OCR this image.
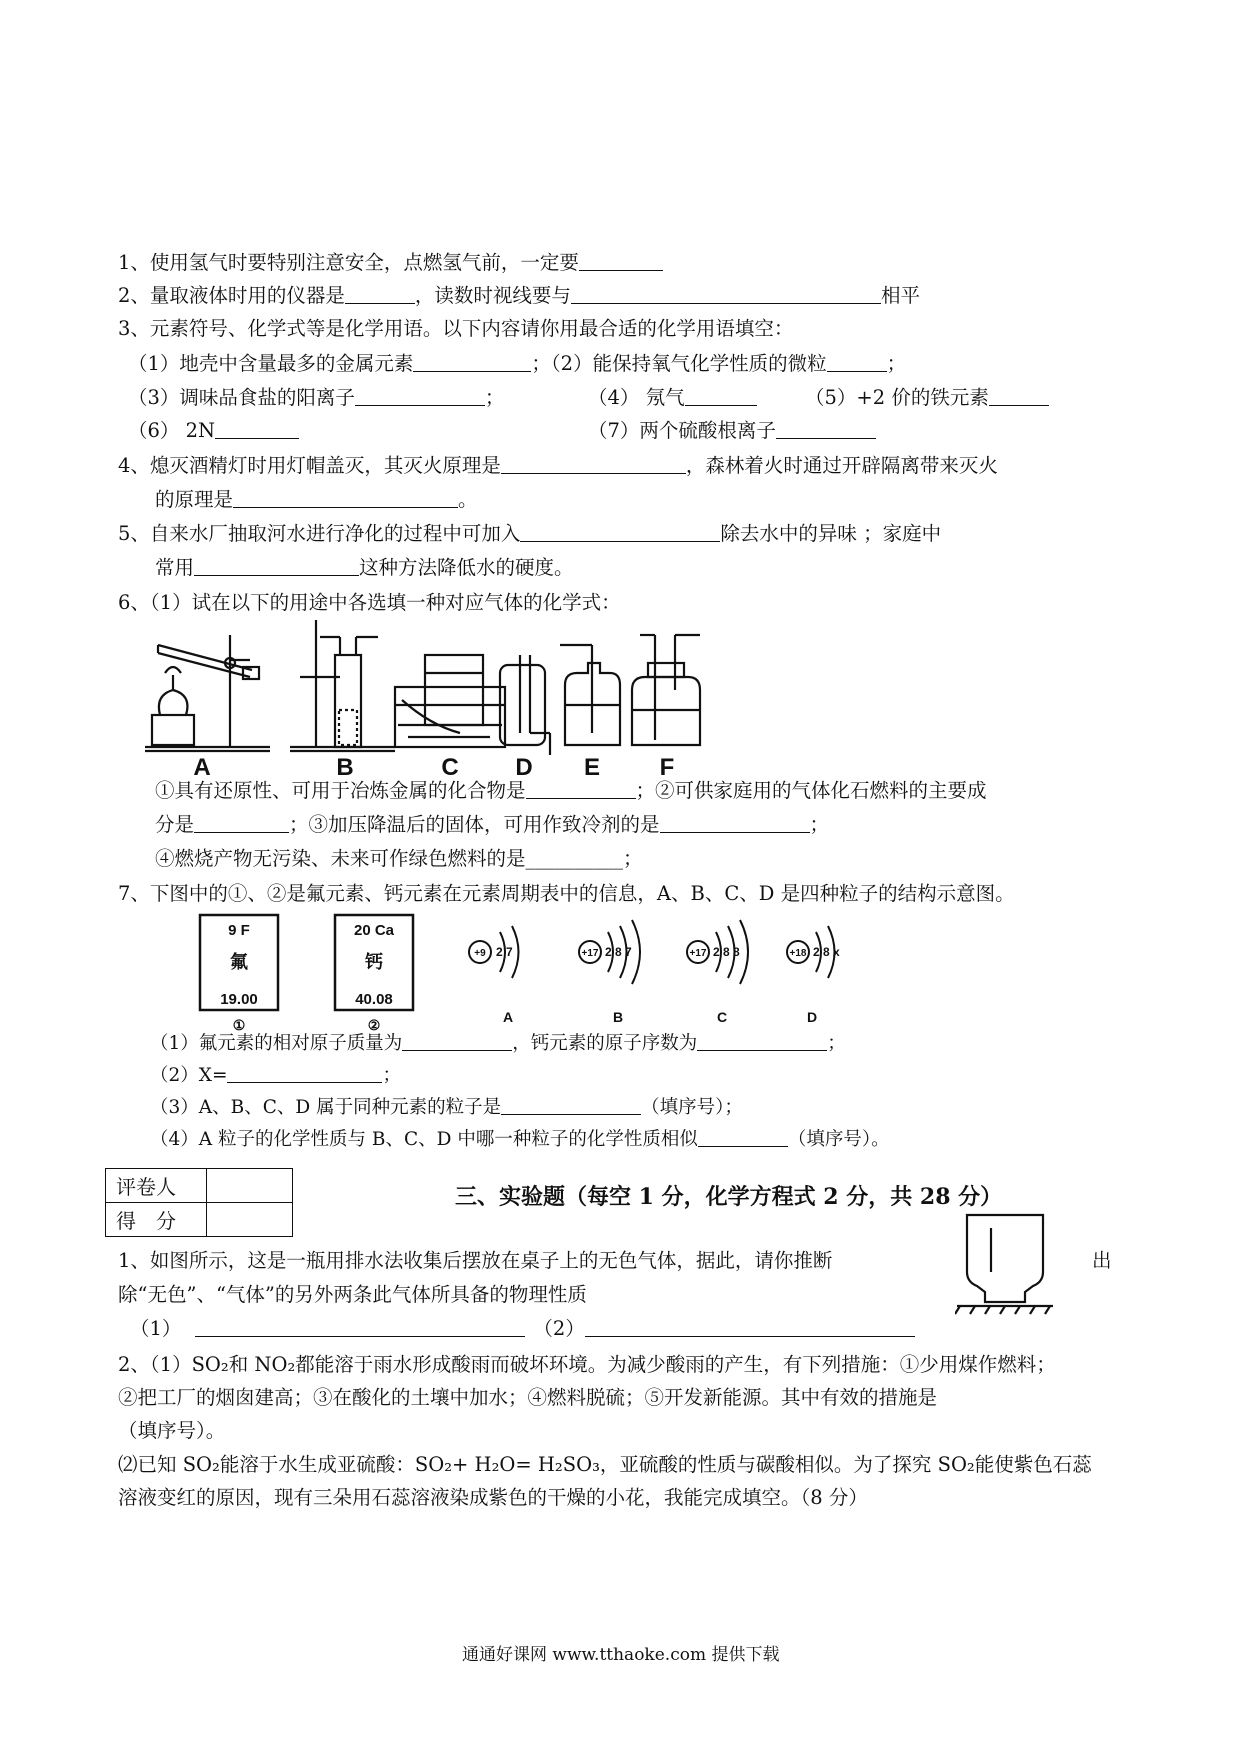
1、使用氢气时要特别注意安全，点燃氢气前，一定要
2、量取液体时用的仪器是	，读数时视线要与	相平
3、元素符号、化学式等是化学用语。以下内容请你用最合适的化学用语填空：
（1）地壳中含量最多的金属元素	；（2）能保持氧气化学性质的微粒	；
（3）调味品食盐的阳离子	；	（4） 氖气	（5）+2 价的铁元素
（6） 2N	（7）两个硫酸根离子
4、熄灭酒精灯时用灯帽盖灭，其灭火原理是	，森林着火时通过开辟隔离带来灭火
的原理是	。
5、自来水厂抽取河水进行净化的过程中可加入	除去水中的异味 ；家庭中
常用	这种方法降低水的硬度。
6、（1）试在以下的用途中各选填一种对应气体的化学式：
A	B	C D E F
①具有还原性、可用于冶炼金属的化合物是	；②可供家庭用的气体化石燃料的主要成
分是	；③加压降温后的固体，可用作致冷剂的是	；
④燃烧产物无污染、未来可作绿色燃料的是__________；
7、下图中的①、②是氟元素、钙元素在元素周期表中的信息，A、B、C、D 是四种粒子的结构示意图。
9 F
氟
19.00
①
20 Ca
钙
40.08
②
+9	+17	+17	+18
2 7	2 8 7	2 8 8	2 8 x
A	B	C	D
（1）氟元素的相对原子质量为	，钙元素的原子序数为	；
（2）X=	；
（3）A、B、C、D 属于同种元素的粒子是	（填序号）；
（4）A 粒子的化学性质与 B、C、D 中哪一种粒子的化学性质相似	（填序号）。
评卷人	
得　分	
三、实验题（每空 1 分，化学方程式 2 分，共 28 分）
1、如图所示，这是一瓶用排水法收集后摆放在桌子上的无色气体，据此，请你推断	出
除“无色”、“气体”的另外两条此气体所具备的物理性质
（1）	（2）
2、（1）SO₂和 NO₂都能溶于雨水形成酸雨而破坏环境。为减少酸雨的产生，有下列措施：①少用煤作燃料；
②把工厂的烟囱建高；③在酸化的土壤中加水；④燃料脱硫；⑤开发新能源。其中有效的措施是
（填序号）。
⑵已知 SO₂能溶于水生成亚硫酸：SO₂+ H₂O= H₂SO₃，亚硫酸的性质与碳酸相似。为了探究 SO₂能使紫色石蕊
溶液变红的原因，现有三朵用石蕊溶液染成紫色的干燥的小花，我能完成填空。（8 分）
通通好课网 www.tthaoke.com 提供下载
